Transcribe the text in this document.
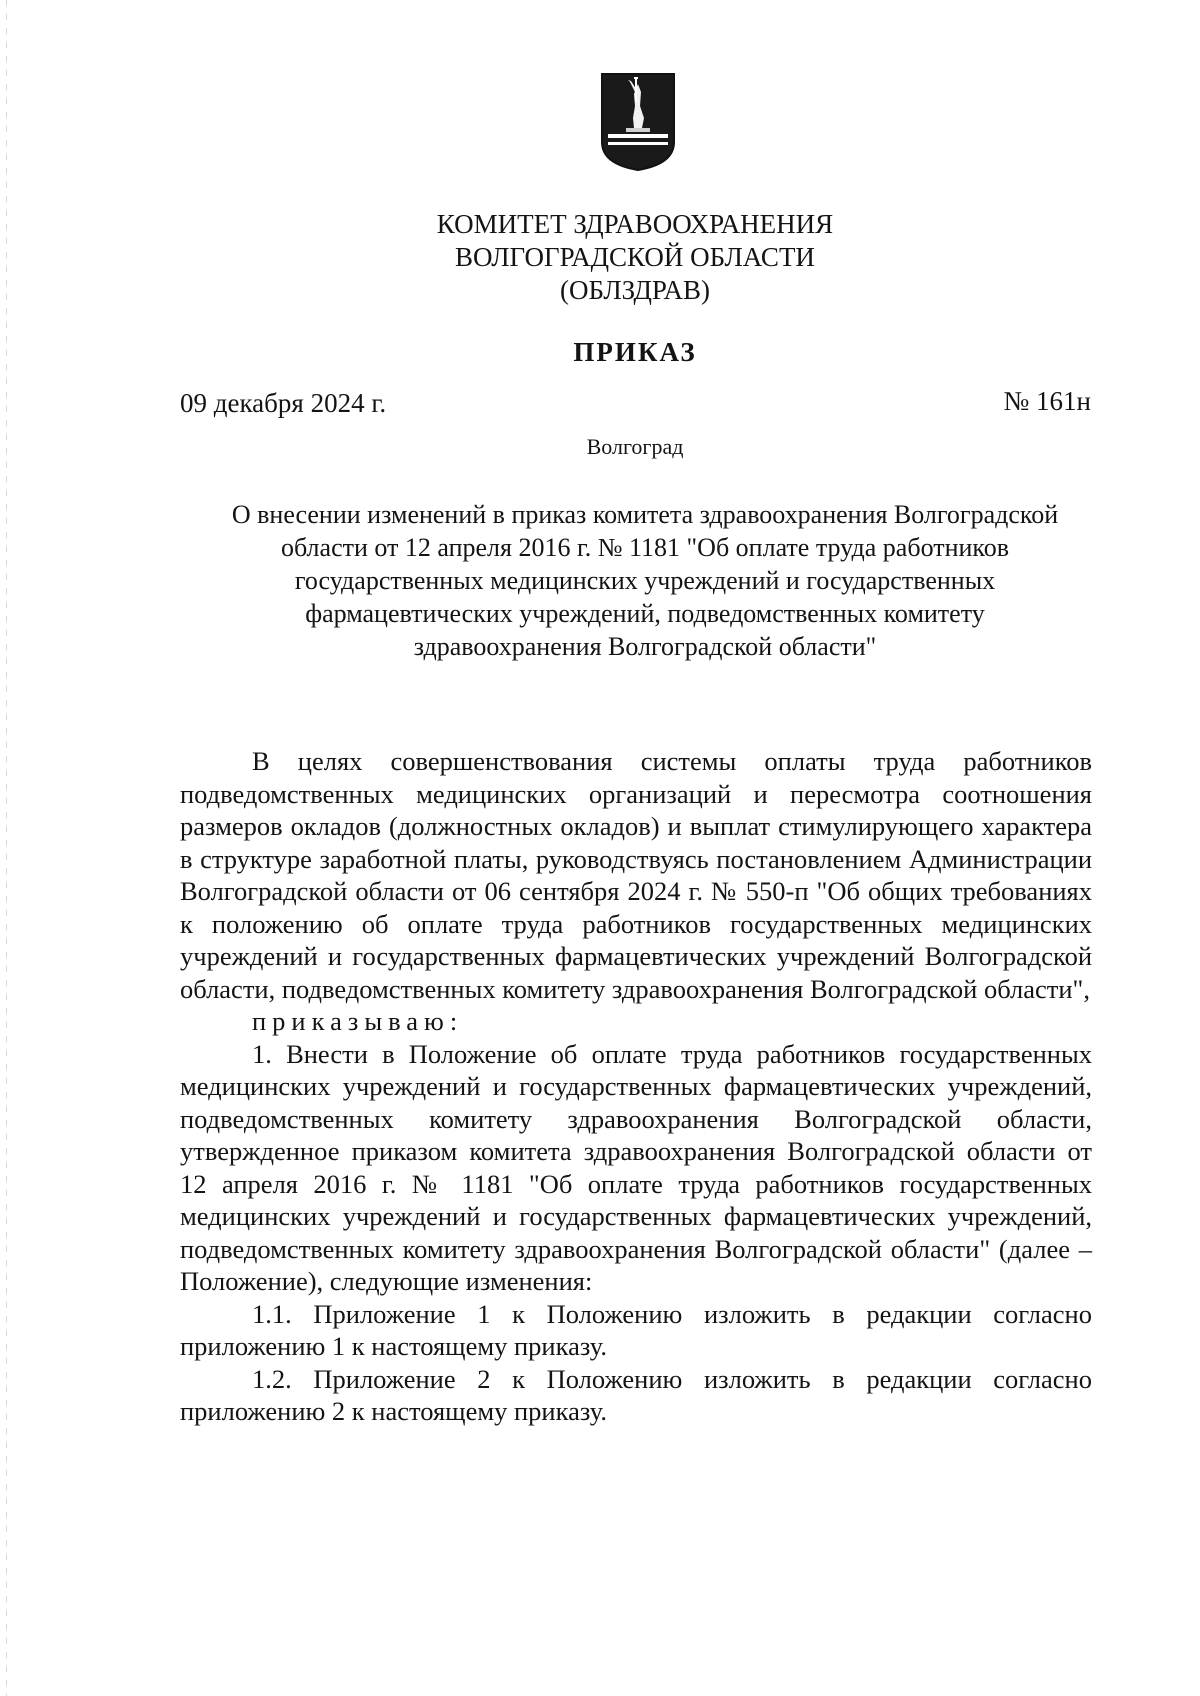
КОМИТЕТ ЗДРАВООХРАНЕНИЯ
ВОЛГОГРАДСКОЙ ОБЛАСТИ
(ОБЛЗДРАВ)
ПРИКАЗ
09 декабря 2024 г.	№ 161н
Волгоград
О внесении изменений в приказ комитета здравоохранения Волгоградской
области от 12 апреля 2016 г. № 1181 "Об оплате труда работников
государственных медицинских учреждений и государственных
фармацевтических учреждений, подведомственных комитету
здравоохранения Волгоградской области"

В целях совершенствования системы оплаты труда работников подведомственных медицинских организаций и пересмотра соотношения размеров окладов (должностных окладов) и выплат стимулирующего характера в структуре заработной платы, руководствуясь постановлением Администрации Волгоградской области от 06 сентября 2024 г. № 550-п "Об общих требованиях к положению об оплате труда работников государственных медицинских учреждений и государственных фармацевтических учреждений Волгоградской области, подведомственных комитету здравоохранения Волгоградской области",

приказываю:

1. Внести в Положение об оплате труда работников государственных медицинских учреждений и государственных фармацевтических учреждений, подведомственных комитету здравоохранения Волгоградской области, утвержденное приказом комитета здравоохранения Волгоградской области от 12 апреля 2016 г. № 1181 "Об оплате труда работников государственных медицинских учреждений и государственных фармацевтических учреждений, подведомственных комитету здравоохранения Волгоградской области" (далее – Положение), следующие изменения:

1.1. Приложение 1 к Положению изложить в редакции согласно приложению 1 к настоящему приказу.

1.2. Приложение 2 к Положению изложить в редакции согласно приложению 2 к настоящему приказу.
